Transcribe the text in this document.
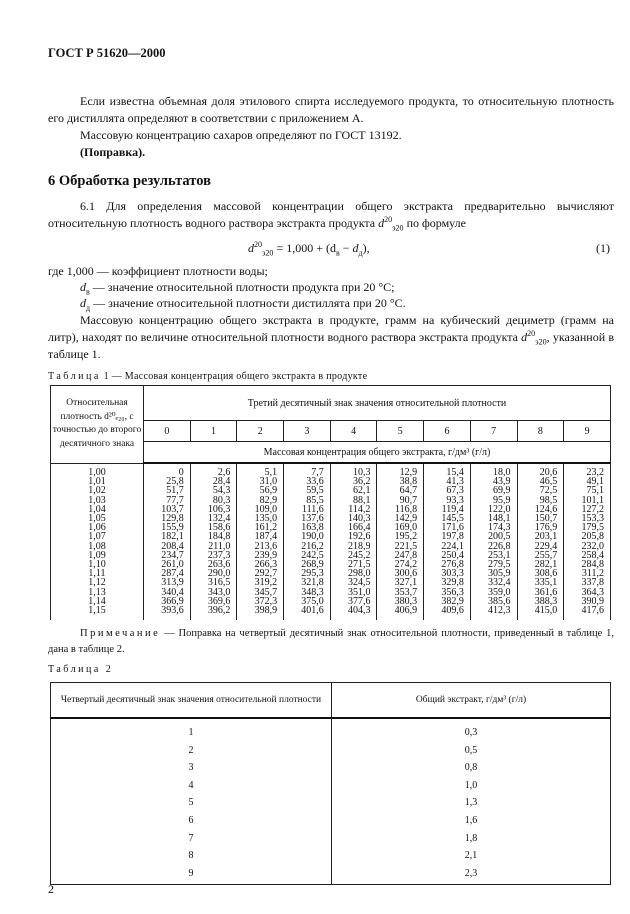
ГОСТ Р 51620—2000
Если известна объемная доля этилового спирта исследуемого продукта, то относительную плотность его дистиллята определяют в соответствии с приложением А.
Массовую концентрацию сахаров определяют по ГОСТ 13192.
(Поправка).
6 Обработка результатов
6.1 Для определения массовой концентрации общего экстракта предварительно вычисляют относительную плотность водного раствора экстракта продукта $d^{20}_{э20}$ по формуле
$d^{20}_{э20} = 1,000 + (d_в - d_д)$,	(1)
где 1,000 — коэффициент плотности воды;
$d_в$ — значение относительной плотности продукта при 20 °С;
$d_д$ — значение относительной плотности дистиллята при 20 °С.
Массовую концентрацию общего экстракта в продукте, грамм на кубический дециметр (грамм на литр), находят по величине относительной плотности водного раствора экстракта продукта $d^{20}_{э20}$, указанной в таблице 1.
Таблица 1 — Массовая концентрация общего экстракта в продукте
Относительная плотность d²⁰ₑ₂₀, с точностью до второго десятичного знака	Третий десятичный знак значения относительной плотности									
	0	1	2	3	4	5	6	7	8	9
	Массовая концентрация общего экстракта, г/дм³ (г/л)									
1,00	0	2,6	5,1	7,7	10,3	12,9	15,4	18,0	20,6	23,2
1,01	25,8	28,4	31,0	33,6	36,2	38,8	41,3	43,9	46,5	49,1
1,02	51,7	54,3	56,9	59,5	62,1	64,7	67,3	69,9	72,5	75,1
1,03	77,7	80,3	82,9	85,5	88,1	90,7	93,3	95,9	98,5	101,1
1,04	103,7	106,3	109,0	111,6	114,2	116,8	119,4	122,0	124,6	127,2
1,05	129,8	132,4	135,0	137,6	140,3	142,9	145,5	148,1	150,7	153,3
1,06	155,9	158,6	161,2	163,8	166,4	169,0	171,6	174,3	176,9	179,5
1,07	182,1	184,8	187,4	190,0	192,6	195,2	197,8	200,5	203,1	205,8
1,08	208,4	211,0	213,6	216,2	218,9	221,5	224,1	226,8	229,4	232,0
1,09	234,7	237,3	239,9	242,5	245,2	247,8	250,4	253,1	255,7	258,4
1,10	261,0	263,6	266,3	268,9	271,5	274,2	276,8	279,5	282,1	284,8
1,11	287,4	290,0	292,7	295,3	298,0	300,6	303,3	305,9	308,6	311,2
1,12	313,9	316,5	319,2	321,8	324,5	327,1	329,8	332,4	335,1	337,8
1,13	340,4	343,0	345,7	348,3	351,0	353,7	356,3	359,0	361,6	364,3
1,14	366,9	369,6	372,3	375,0	377,6	380,3	382,9	385,6	388,3	390,9
1,15	393,6	396,2	398,9	401,6	404,3	406,9	409,6	412,3	415,0	417,6
Примечание — Поправка на четвертый десятичный знак относительной плотности, приведенный в таблице 1, дана в таблице 2.
Таблица 2
Четвертый десятичный знак значения относительной плотности	Общий экстракт, г/дм³ (г/л)
1	0,3
2	0,5
3	0,8
4	1,0
5	1,3
6	1,6
7	1,8
8	2,1
9	2,3
2
